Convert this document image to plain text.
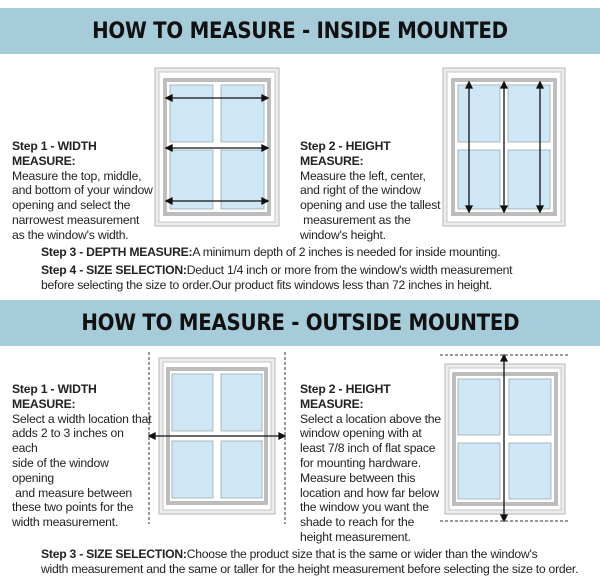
HOW TO MEASURE - INSIDE MOUNTED
Step 1 - WIDTH MEASURE:
Measure the top, middle,
and bottom of your window
opening and select the
narrowest measurement
as the window's width.
Step 2 - HEIGHT MEASURE:
Measure the left, center,
and right of the window
opening and use the tallest
measurement as the
window's height.
Step 3 - DEPTH MEASURE:A minimum depth of 2 inches is needed for inside mounting.
Step 4 - SIZE SELECTION:Deduct 1/4 inch or more from the window's width measurement
before selecting the size to order.Our product fits windows less than 72 inches in height.
HOW TO MEASURE - OUTSIDE MOUNTED
Step 1 - WIDTH MEASURE:
Select a width location that
adds 2 to 3 inches on each
side of the window opening
and measure between
these two points for the
width measurement.
Step 2 - HEIGHT MEASURE:
Select a location above the
window opening with at
least 7/8 inch of flat space
for mounting hardware.
Measure between this
location and how far below
the window you want the
shade to reach for the
height measurement.
Step 3 - SIZE SELECTION:Choose the product size that is the same or wider than the window's
width measurement and the same or taller for the height measurement before selecting the size to order.
